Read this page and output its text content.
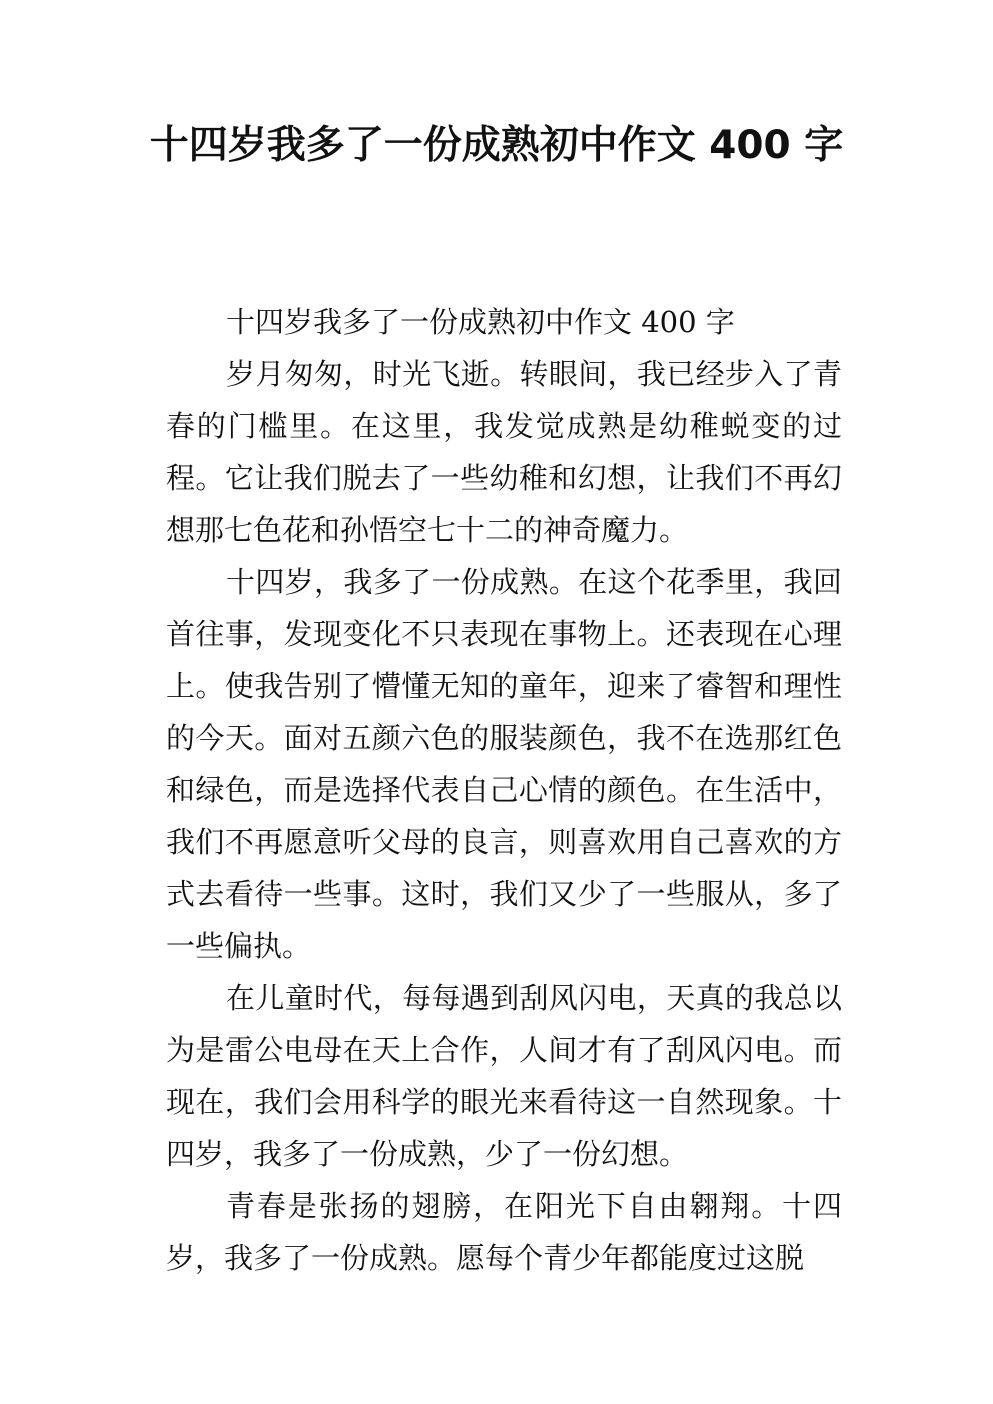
十四岁我多了一份成熟初中作文 400 字

十四岁我多了一份成熟初中作文 400 字

岁月匆匆，时光飞逝。转眼间，我已经步入了青春的门槛里。在这里，我发觉成熟是幼稚蜕变的过程。它让我们脱去了一些幼稚和幻想，让我们不再幻想那七色花和孙悟空七十二的神奇魔力。

十四岁，我多了一份成熟。在这个花季里，我回首往事，发现变化不只表现在事物上。还表现在心理上。使我告别了懵懂无知的童年，迎来了睿智和理性的今天。面对五颜六色的服装颜色，我不在选那红色和绿色，而是选择代表自己心情的颜色。在生活中，我们不再愿意听父母的良言，则喜欢用自己喜欢的方式去看待一些事。这时，我们又少了一些服从，多了一些偏执。

在儿童时代，每每遇到刮风闪电，天真的我总以为是雷公电母在天上合作，人间才有了刮风闪电。而现在，我们会用科学的眼光来看待这一自然现象。十四岁，我多了一份成熟，少了一份幻想。

青春是张扬的翅膀，在阳光下自由翱翔。十四岁，我多了一份成熟。愿每个青少年都能度过这脱
